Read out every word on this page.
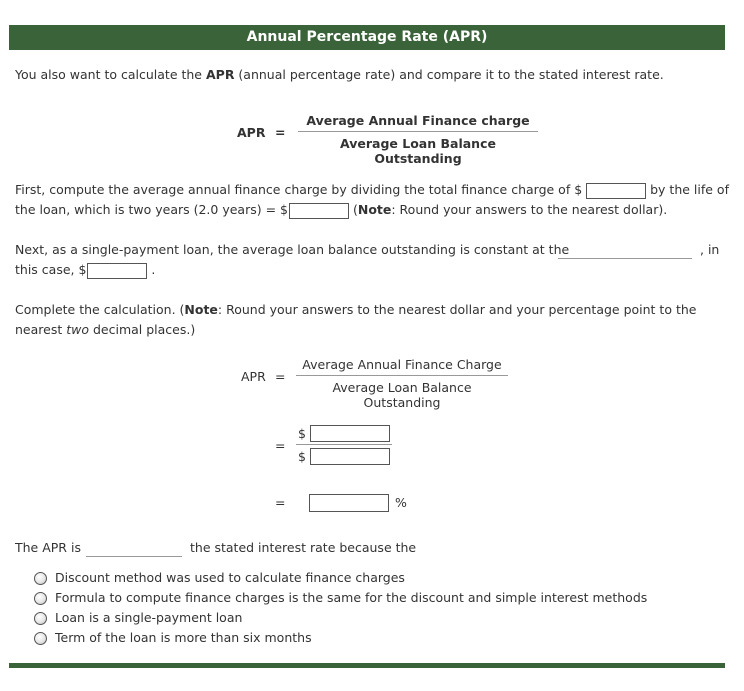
Annual Percentage Rate (APR)
You also want to calculate the APR (annual percentage rate) and compare it to the stated interest rate.
APR =
Average Annual Finance charge
Average Loan Balance Outstanding
First, compute the average annual finance charge by dividing the total finance charge of $	by the life of
the loan, which is two years (2.0 years) = $	(Note: Round your answers to the nearest dollar).
Next, as a single-payment loan, the average loan balance outstanding is constant at the	, in
this case, $	.
Complete the calculation. (Note: Round your answers to the nearest dollar and your percentage point to the
nearest two decimal places.)
APR =
Average Annual Finance Charge
Average Loan Balance Outstanding
=
$
$
=	%
The APR is	the stated interest rate because the
Discount method was used to calculate finance charges
Formula to compute finance charges is the same for the discount and simple interest methods
Loan is a single-payment loan
Term of the loan is more than six months
